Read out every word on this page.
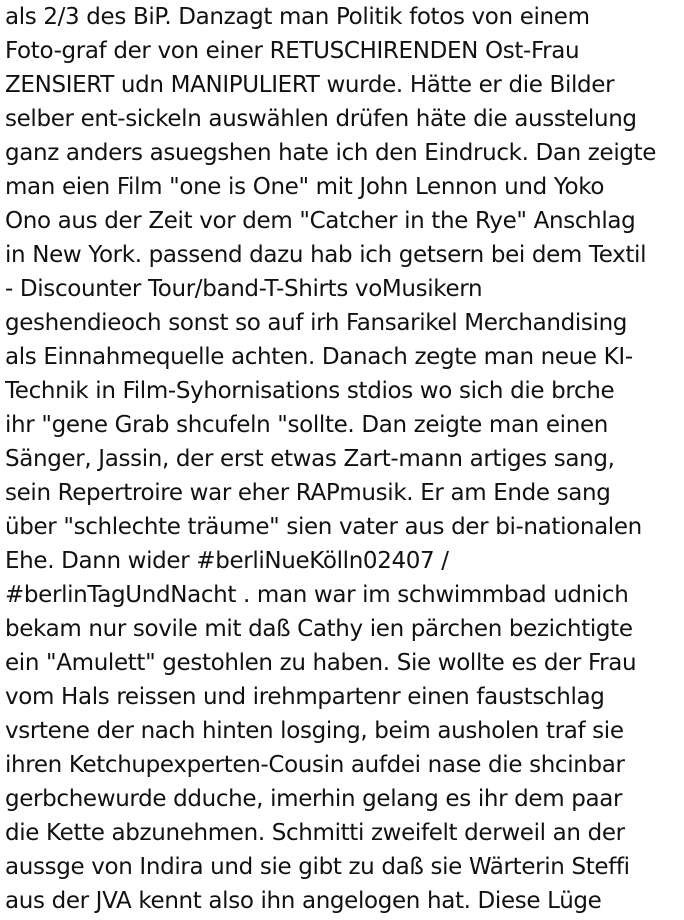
als 2/3 des BiP. Danzagt man Politik fotos von einem
Foto-graf der von einer RETUSCHIRENDEN Ost-Frau
ZENSIERT udn MANIPULIERT wurde. Hätte er die Bilder
selber ent-sickeln auswählen drüfen häte die ausstelung
ganz anders asuegshen hate ich den Eindruck. Dan zeigte
man eien Film "one is One" mit John Lennon und Yoko
Ono aus der Zeit vor dem "Catcher in the Rye" Anschlag
in New York. passend dazu hab ich getsern bei dem Textil
- Discounter Tour/band-T-Shirts voMusikern
geshendieoch sonst so auf irh Fansarikel Merchandising
als Einnahmequelle achten. Danach zegte man neue KI-
Technik in Film-Syhornisations stdios wo sich die brche
ihr "gene Grab shcufeln "sollte. Dan zeigte man einen
Sänger, Jassin, der erst etwas Zart-mann artiges sang,
sein Repertroire war eher RAPmusik. Er am Ende sang
über "schlechte träume" sien vater aus der bi-nationalen
Ehe. Dann wider #berliNueKölln02407 /
#berlinTagUndNacht . man war im schwimmbad udnich
bekam nur sovile mit daß Cathy ien pärchen bezichtigte
ein "Amulett" gestohlen zu haben. Sie wollte es der Frau
vom Hals reissen und irehmpartenr einen faustschlag
vsrtene der nach hinten losging, beim ausholen traf sie
ihren Ketchupexperten-Cousin aufdei nase die shcinbar
gerbchewurde dduche, imerhin gelang es ihr dem paar
die Kette abzunehmen. Schmitti zweifelt derweil an der
aussge von Indira und sie gibt zu daß sie Wärterin Steffi
aus der JVA kennt also ihn angelogen hat. Diese Lüge
